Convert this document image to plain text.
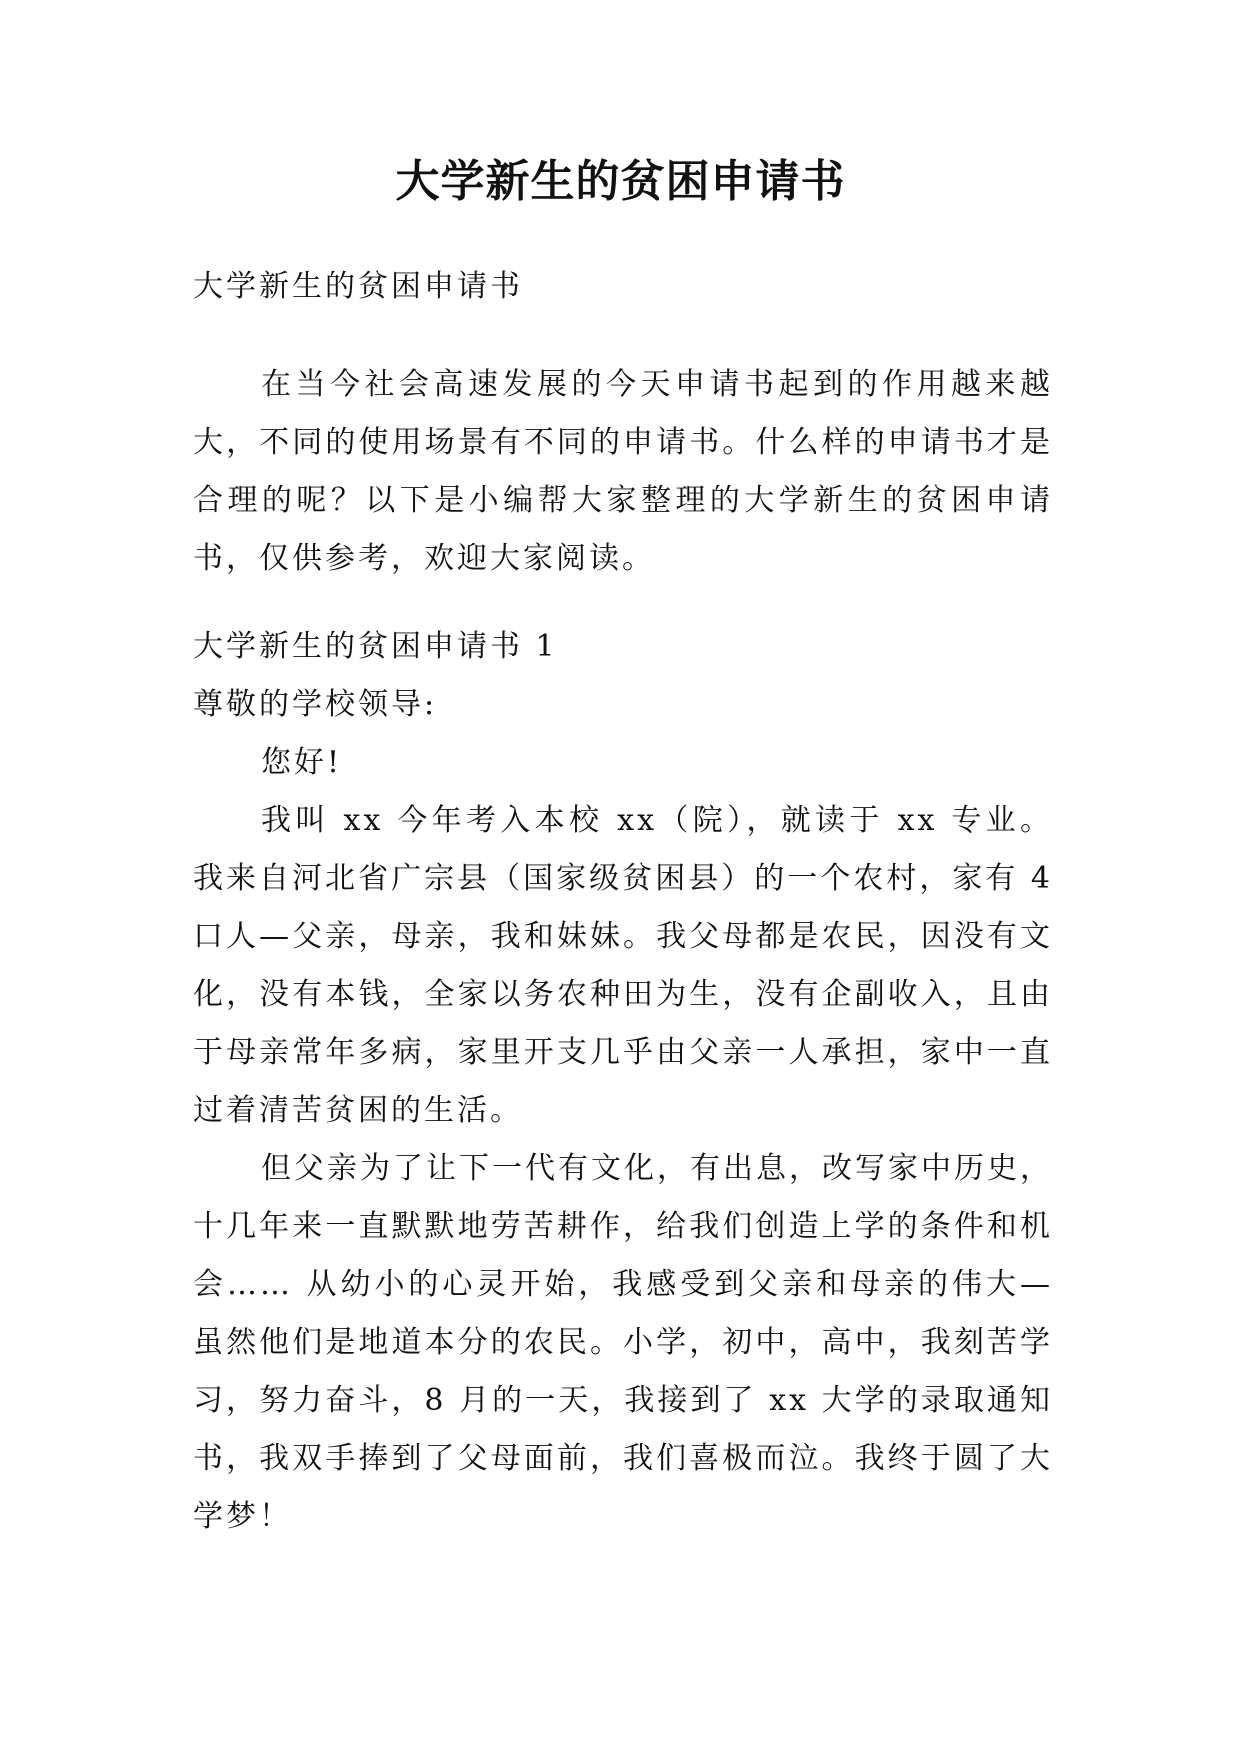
大学新生的贫困申请书
大学新生的贫困申请书

在当今社会高速发展的今天申请书起到的作用越来越大，不同的使用场景有不同的申请书。什么样的申请书才是合理的呢？以下是小编帮大家整理的大学新生的贫困申请书，仅供参考，欢迎大家阅读。

大学新生的贫困申请书 1

尊敬的学校领导:

您好!

我叫 xx 今年考入本校 xx（院），就读于 xx 专业。我来自河北省广宗县（国家级贫困县）的一个农村，家有 4 口人—父亲，母亲，我和妹妹。我父母都是农民，因没有文化，没有本钱，全家以务农种田为生，没有企副收入，且由于母亲常年多病，家里开支几乎由父亲一人承担，家中一直过着清苦贫困的生活。

但父亲为了让下一代有文化，有出息，改写家中历史，十几年来一直默默地劳苦耕作，给我们创造上学的条件和机会…… 从幼小的心灵开始，我感受到父亲和母亲的伟大—虽然他们是地道本分的农民。小学，初中，高中，我刻苦学习，努力奋斗，8 月的一天，我接到了 xx 大学的录取通知书，我双手捧到了父母面前，我们喜极而泣。我终于圆了大学梦！
